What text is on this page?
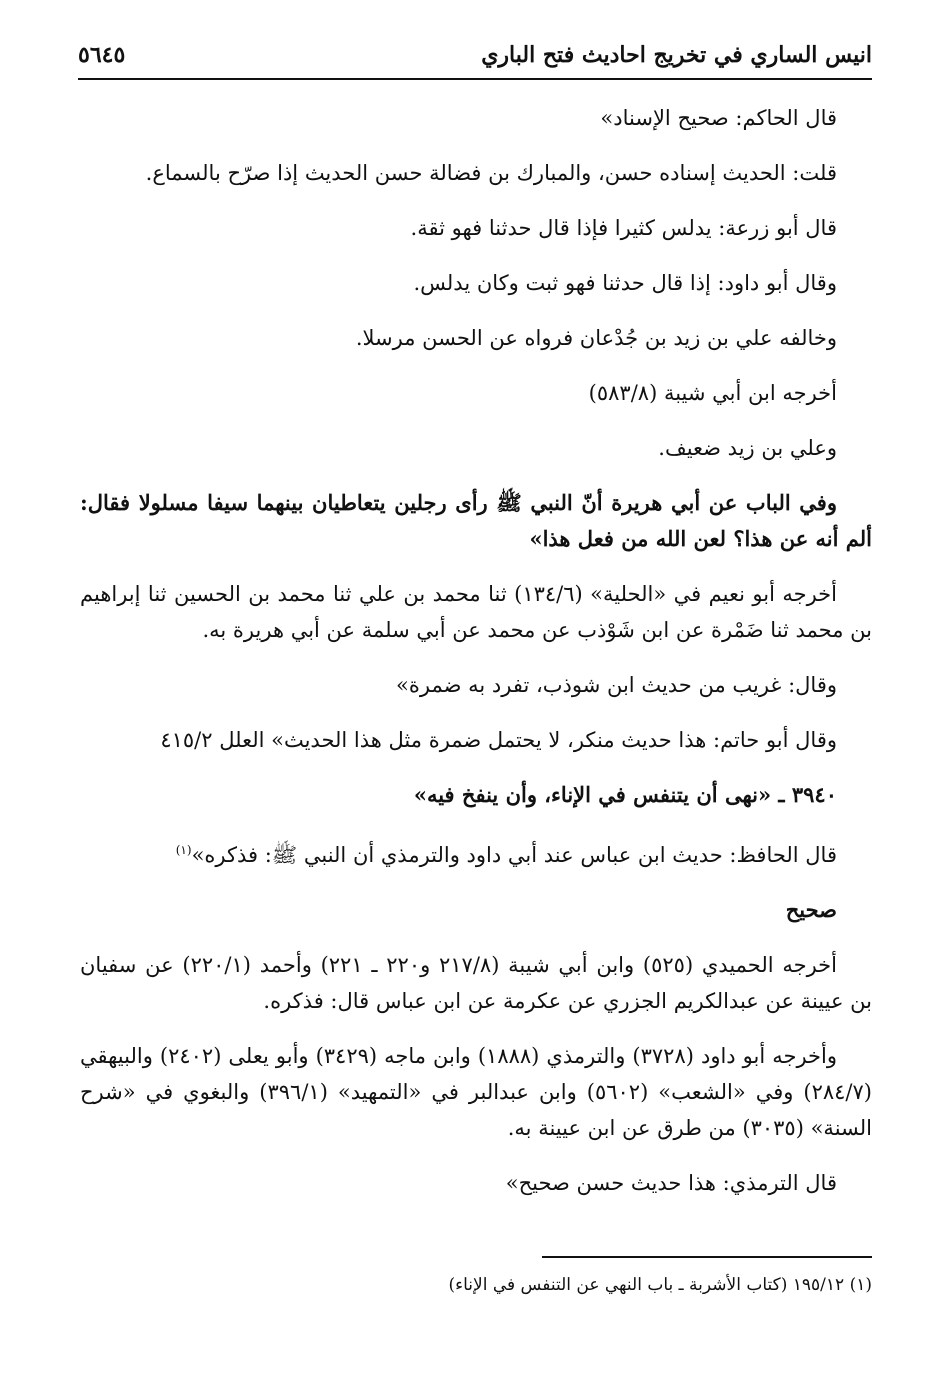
انيس الساري في تخريج احاديث فتح الباري
٥٦٤٥

قال الحاكم: صحيح الإسناد»

قلت: الحديث إسناده حسن، والمبارك بن فضالة حسن الحديث إذا صرّح بالسماع.

قال أبو زرعة: يدلس كثيرا فإذا قال حدثنا فهو ثقة.

وقال أبو داود: إذا قال حدثنا فهو ثبت وكان يدلس.

وخالفه علي بن زيد بن جُدْعان فرواه عن الحسن مرسلا.

أخرجه ابن أبي شيبة (٥٨٣/٨)

وعلي بن زيد ضعيف.

وفي الباب عن أبي هريرة أنّ النبي ﷺ رأى رجلين يتعاطيان بينهما سيفا مسلولا فقال: ألم أنه عن هذا؟ لعن الله من فعل هذا»

أخرجه أبو نعيم في «الحلية» (١٣٤/٦) ثنا محمد بن علي ثنا محمد بن الحسين ثنا إبراهيم بن محمد ثنا ضَمْرة عن ابن شَوْذب عن محمد عن أبي سلمة عن أبي هريرة به.

وقال: غريب من حديث ابن شوذب، تفرد به ضمرة»

وقال أبو حاتم: هذا حديث منكر، لا يحتمل ضمرة مثل هذا الحديث» العلل ٤١٥/٢

٣٩٤٠ ـ «نهى أن يتنفس في الإناء، وأن ينفخ فيه»

قال الحافظ: حديث ابن عباس عند أبي داود والترمذي أن النبي ﷺ: فذكره»$^{(١)}$

صحيح

أخرجه الحميدي (٥٢٥) وابن أبي شيبة (٢١٧/٨ و٢٢٠ ـ ٢٢١) وأحمد (٢٢٠/١) عن سفيان بن عيينة عن عبدالكريم الجزري عن عكرمة عن ابن عباس قال: فذكره.

وأخرجه أبو داود (٣٧٢٨) والترمذي (١٨٨٨) وابن ماجه (٣٤٢٩) وأبو يعلى (٢٤٠٢) والبيهقي (٢٨٤/٧) وفي «الشعب» (٥٦٠٢) وابن عبدالبر في «التمهيد» (٣٩٦/١) والبغوي في «شرح السنة» (٣٠٣٥) من طرق عن ابن عيينة به.

قال الترمذي: هذا حديث حسن صحيح»

(١) ١٩٥/١٢ (كتاب الأشربة ـ باب النهي عن التنفس في الإناء)
